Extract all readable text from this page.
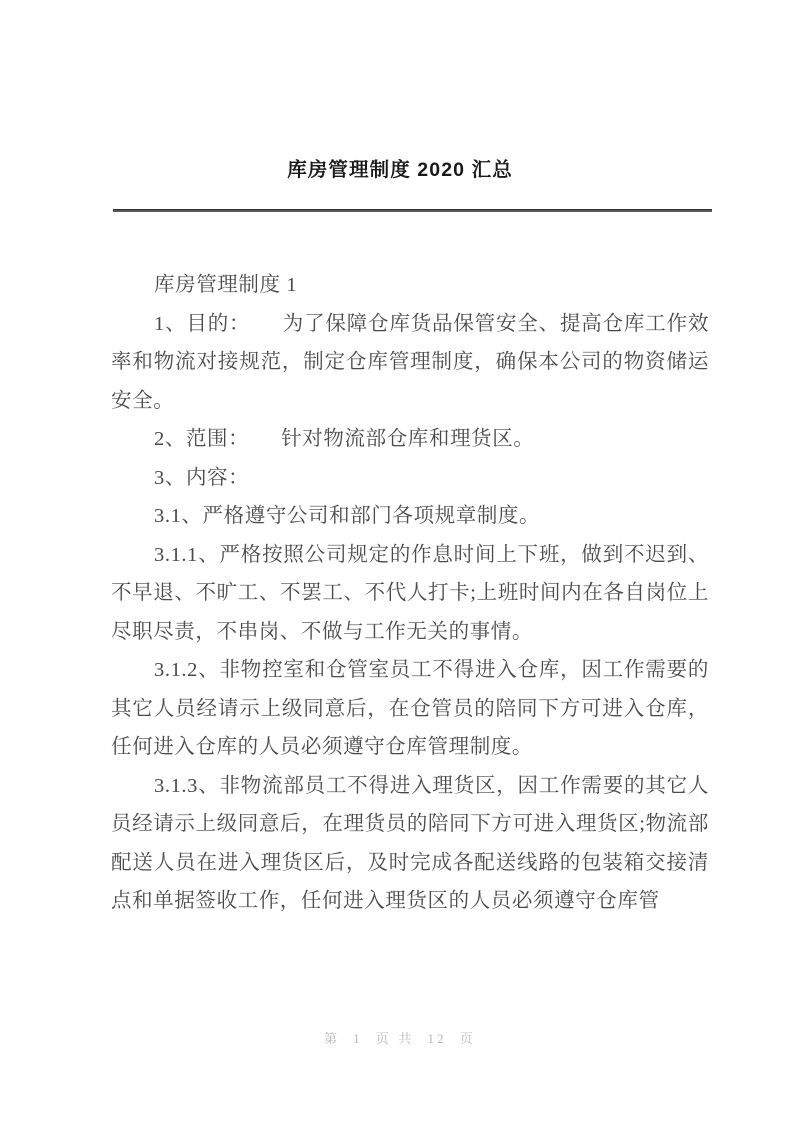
库房管理制度 2020 汇总

库房管理制度 1

1、目的：　　为了保障仓库货品保管安全、提高仓库工作效率和物流对接规范，制定仓库管理制度，确保本公司的物资储运安全。

2、范围：　　针对物流部仓库和理货区。

3、内容：

3.1、严格遵守公司和部门各项规章制度。

3.1.1、严格按照公司规定的作息时间上下班，做到不迟到、不早退、不旷工、不罢工、不代人打卡;上班时间内在各自岗位上尽职尽责，不串岗、不做与工作无关的事情。

3.1.2、非物控室和仓管室员工不得进入仓库，因工作需要的其它人员经请示上级同意后，在仓管员的陪同下方可进入仓库，任何进入仓库的人员必须遵守仓库管理制度。

3.1.3、非物流部员工不得进入理货区，因工作需要的其它人员经请示上级同意后，在理货员的陪同下方可进入理货区;物流部配送人员在进入理货区后，及时完成各配送线路的包装箱交接清点和单据签收工作，任何进入理货区的人员必须遵守仓库管

第  1  页 共  12  页
